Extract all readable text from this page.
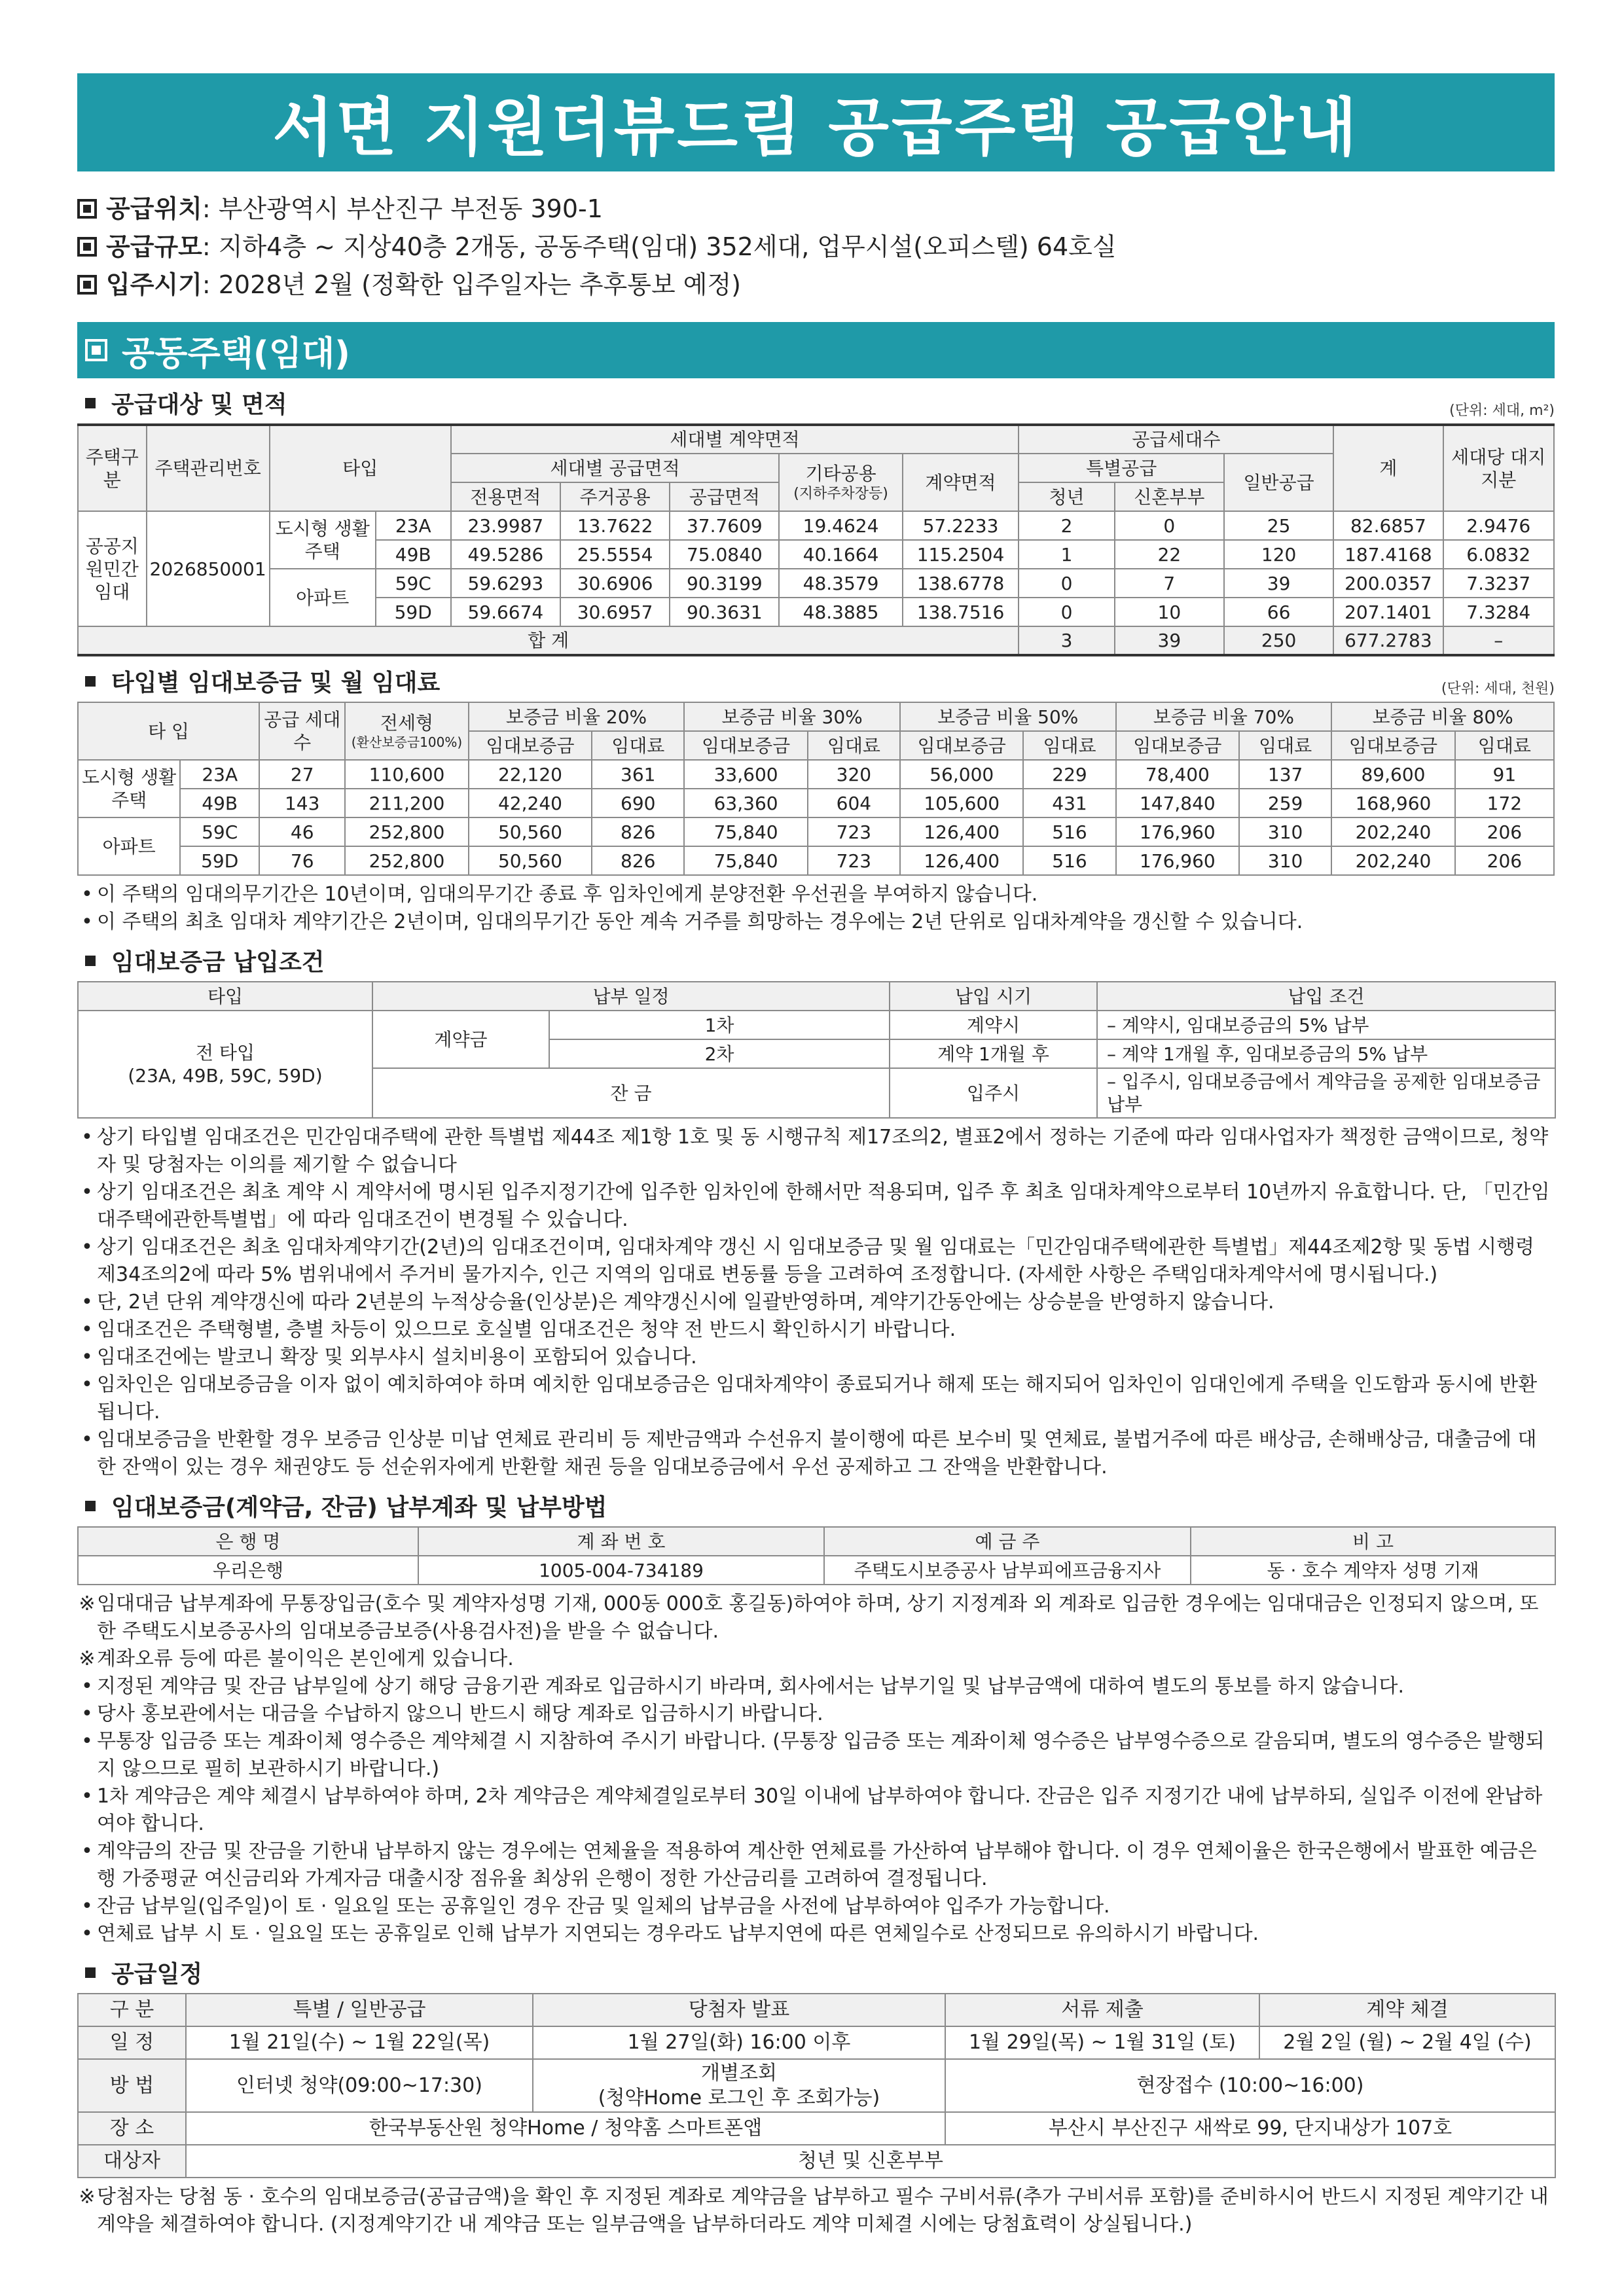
서면 지원더뷰드림 공급주택 공급안내
공급위치 : 부산광역시 부산진구 부전동 390-1
공급규모 : 지하4층 ~ 지상40층 2개동, 공동주택(임대) 352세대, 업무시설(오피스텔) 64호실
입주시기 : 2028년 2월 (정확한 입주일자는 추후통보 예정)
공동주택(임대)
공급대상 및 면적	(단위: 세대, m²)
주택구분	주택관리번호	타입		세대별 계약면적					공급세대수			계	세대당 대지지분
				세대별 공급면적			기타공용
(지하주차장등)	계약면적	특별공급		일반공급		
				전용면적	주거공용	공급면적			청년	신혼부부			
공공지원민간임대	2026850001	도시형 생활주택	23A	23.9987	13.7622	37.7609	19.4624	57.2233	2	0	25	82.6857	2.9476
			49B	49.5286	25.5554	75.0840	40.1664	115.2504	1	22	120	187.4168	6.0832
		아파트	59C	59.6293	30.6906	90.3199	48.3579	138.6778	0	7	39	200.0357	7.3237
			59D	59.6674	30.6957	90.3631	48.3885	138.7516	0	10	66	207.1401	7.3284
합 계									3	39	250	677.2783	–
타입별 임대보증금 및 월 임대료	(단위: 세대, 천원)
타 입		공급 세대수	전세형
(환산보증금100%)	보증금 비율 20%		보증금 비율 30%		보증금 비율 50%		보증금 비율 70%		보증금 비율 80%	
				임대보증금	임대료	임대보증금	임대료	임대보증금	임대료	임대보증금	임대료	임대보증금	임대료
도시형 생활주택	23A	27	110,600	22,120	361	33,600	320	56,000	229	78,400	137	89,600	91
	49B	143	211,200	42,240	690	63,360	604	105,600	431	147,840	259	168,960	172
아파트	59C	46	252,800	50,560	826	75,840	723	126,400	516	176,960	310	202,240	206
	59D	76	252,800	50,560	826	75,840	723	126,400	516	176,960	310	202,240	206
• 이 주택의 임대의무기간은 10년이며, 임대의무기간 종료 후 임차인에게 분양전환 우선권을 부여하지 않습니다.
• 이 주택의 최초 임대차 계약기간은 2년이며, 임대의무기간 동안 계속 거주를 희망하는 경우에는 2년 단위로 임대차계약을 갱신할 수 있습니다.
임대보증금 납입조건
타입	납부 일정		납입 시기	납입 조건

전 타입
(23A, 49B, 59C, 59D)	계약금	1차	계약시	– 계약시, 임대보증금의 5% 납부
		2차	계약 1개월 후	– 계약 1개월 후, 임대보증금의 5% 납부
	잔 금		입주시	– 입주시, 임대보증금에서 계약금을 공제한 임대보증금 납부
• 상기 타입별 임대조건은 민간임대주택에 관한 특별법 제44조 제1항 1호 및 동 시행규칙 제17조의2, 별표2에서 정하는 기준에 따라 임대사업자가 책정한 금액이므로, 청약자 및 당첨자는 이의를 제기할 수 없습니다
• 상기 임대조건은 최초 계약 시 계약서에 명시된 입주지정기간에 입주한 임차인에 한해서만 적용되며, 입주 후 최초 임대차계약으로부터 10년까지 유효합니다. 단, 「민간임대주택에관한특별법」에 따라 임대조건이 변경될 수 있습니다.
• 상기 임대조건은 최초 임대차계약기간(2년)의 임대조건이며, 임대차계약 갱신 시 임대보증금 및 월 임대료는「민간임대주택에관한 특별법」제44조제2항 및 동법 시행령 제34조의2에 따라 5% 범위내에서 주거비 물가지수, 인근 지역의 임대료 변동률 등을 고려하여 조정합니다. (자세한 사항은 주택임대차계약서에 명시됩니다.)
• 단, 2년 단위 계약갱신에 따라 2년분의 누적상승율(인상분)은 계약갱신시에 일괄반영하며, 계약기간동안에는 상승분을 반영하지 않습니다.
• 임대조건은 주택형별, 층별 차등이 있으므로 호실별 임대조건은 청약 전 반드시 확인하시기 바랍니다.
• 임대조건에는 발코니 확장 및 외부샤시 설치비용이 포함되어 있습니다.
• 임차인은 임대보증금을 이자 없이 예치하여야 하며 예치한 임대보증금은 임대차계약이 종료되거나 해제 또는 해지되어 임차인이 임대인에게 주택을 인도함과 동시에 반환됩니다.
• 임대보증금을 반환할 경우 보증금 인상분 미납 연체료 관리비 등 제반금액과 수선유지 불이행에 따른 보수비 및 연체료, 불법거주에 따른 배상금, 손해배상금, 대출금에 대한 잔액이 있는 경우 채권양도 등 선순위자에게 반환할 채권 등을 임대보증금에서 우선 공제하고 그 잔액을 반환합니다.
임대보증금(계약금, 잔금) 납부계좌 및 납부방법
은 행 명	계 좌 번 호	예 금 주	비 고
우리은행	1005-004-734189	주택도시보증공사 남부피에프금융지사	동 · 호수 계약자 성명 기재
※ 임대대금 납부계좌에 무통장입금(호수 및 계약자성명 기재, 000동 000호 홍길동)하여야 하며, 상기 지정계좌 외 계좌로 입금한 경우에는 임대대금은 인정되지 않으며, 또한 주택도시보증공사의 임대보증금보증(사용검사전)을 받을 수 없습니다.
※ 계좌오류 등에 따른 불이익은 본인에게 있습니다.
• 지정된 계약금 및 잔금 납부일에 상기 해당 금융기관 계좌로 입금하시기 바라며, 회사에서는 납부기일 및 납부금액에 대하여 별도의 통보를 하지 않습니다.
• 당사 홍보관에서는 대금을 수납하지 않으니 반드시 해당 계좌로 입금하시기 바랍니다.
• 무통장 입금증 또는 계좌이체 영수증은 계약체결 시 지참하여 주시기 바랍니다. (무통장 입금증 또는 계좌이체 영수증은 납부영수증으로 갈음되며, 별도의 영수증은 발행되지 않으므로 필히 보관하시기 바랍니다.)
• 1차 계약금은 계약 체결시 납부하여야 하며, 2차 계약금은 계약체결일로부터 30일 이내에 납부하여야 합니다. 잔금은 입주 지정기간 내에 납부하되, 실입주 이전에 완납하여야 합니다.
• 계약금의 잔금 및 잔금을 기한내 납부하지 않는 경우에는 연체율을 적용하여 계산한 연체료를 가산하여 납부해야 합니다. 이 경우 연체이율은 한국은행에서 발표한 예금은행 가중평균 여신금리와 가계자금 대출시장 점유율 최상위 은행이 정한 가산금리를 고려하여 결정됩니다.
• 잔금 납부일(입주일)이 토 · 일요일 또는 공휴일인 경우 잔금 및 일체의 납부금을 사전에 납부하여야 입주가 가능합니다.
• 연체료 납부 시 토 · 일요일 또는 공휴일로 인해 납부가 지연되는 경우라도 납부지연에 따른 연체일수로 산정되므로 유의하시기 바랍니다.
공급일정
구 분	특별 / 일반공급	당첨자 발표	서류 제출	계약 체결
일 정	1월 21일(수) ~ 1월 22일(목)	1월 27일(화) 16:00 이후	1월 29일(목) ~ 1월 31일 (토)	2월 2일 (월) ~ 2월 4일 (수)
방 법	인터넷 청약(09:00~17:30)	개별조회
(청약Home 로그인 후 조회가능)	현장접수 (10:00~16:00)	
장 소	한국부동산원 청약Home / 청약홈 스마트폰앱		부산시 부산진구 새싹로 99, 단지내상가 107호	
대상자	청년 및 신혼부부			
※ 당첨자는 당첨 동 · 호수의 임대보증금(공급금액)을 확인 후 지정된 계좌로 계약금을 납부하고 필수 구비서류(추가 구비서류 포함)를 준비하시어 반드시 지정된 계약기간 내 계약을 체결하여야 합니다. (지정계약기간 내 계약금 또는 일부금액을 납부하더라도 계약 미체결 시에는 당첨효력이 상실됩니다.)
